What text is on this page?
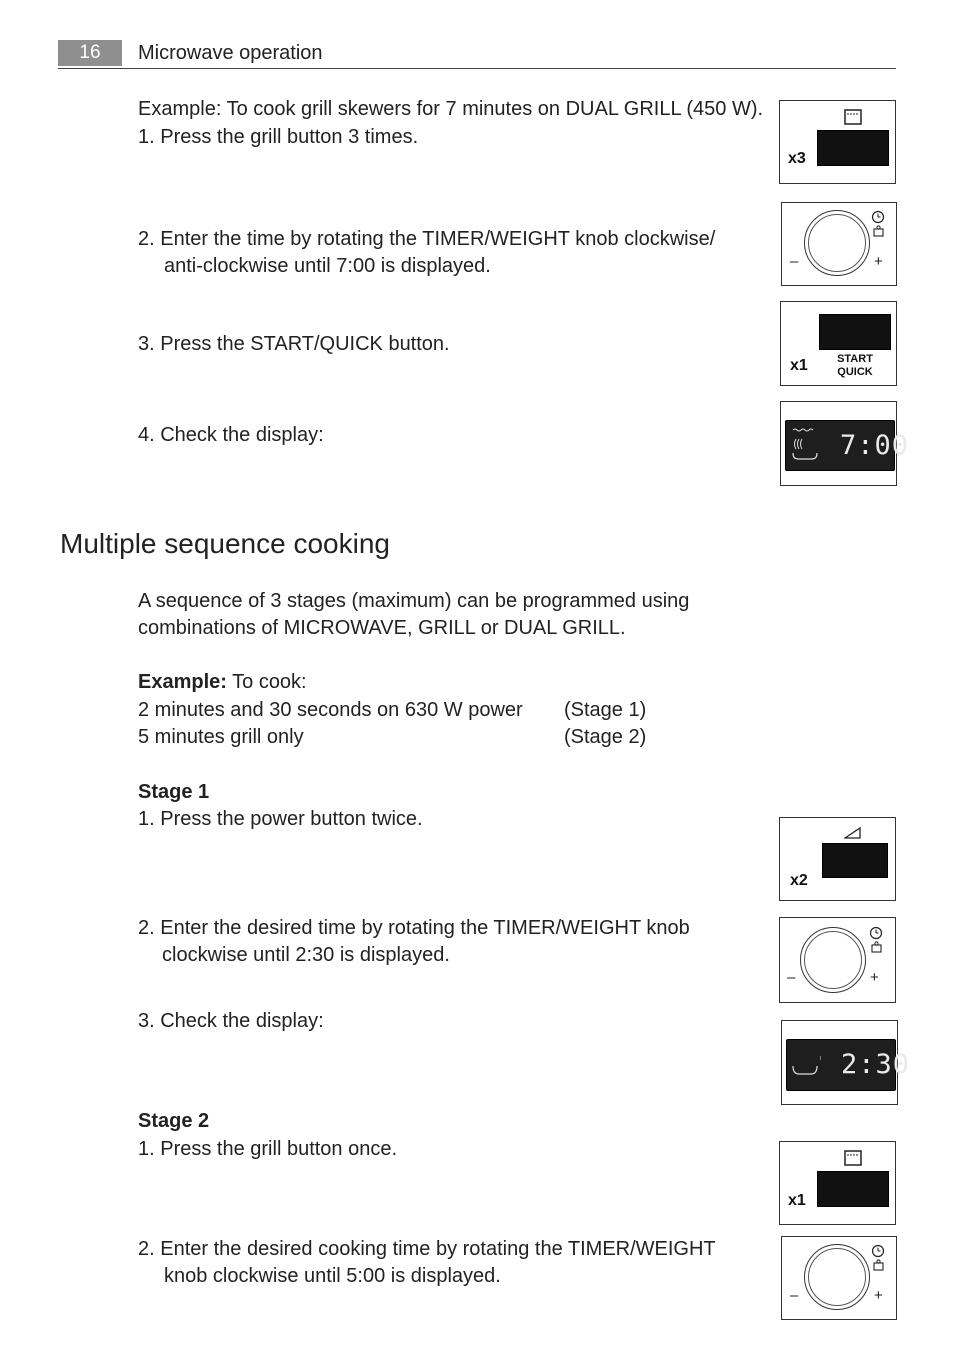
16	Microwave operation
Example: To cook grill skewers for 7 minutes on DUAL GRILL (450 W).
1. Press the grill button 3 times.
2. Enter the time by rotating the TIMER/WEIGHT knob clockwise/
anti-clockwise until 7:00 is displayed.
3. Press the START/QUICK button.
4. Check the display:
x3
–	+
x1	START
QUICK
7:00
Multiple sequence cooking
A sequence of 3 stages (maximum) can be programmed using
combinations of MICROWAVE, GRILL or DUAL GRILL.
Example: To cook:
2 minutes and 30 seconds on 630 W power (Stage 1)
5 minutes grill only	(Stage 2)
Stage 1
1. Press the power button twice.
2. Enter the desired time by rotating the TIMER/WEIGHT knob
clockwise until 2:30 is displayed.
3. Check the display:
x2
–	+
2:30
Stage 2
1. Press the grill button once.
2. Enter the desired cooking time by rotating the TIMER/WEIGHT
knob clockwise until 5:00 is displayed.
x1
–	+
